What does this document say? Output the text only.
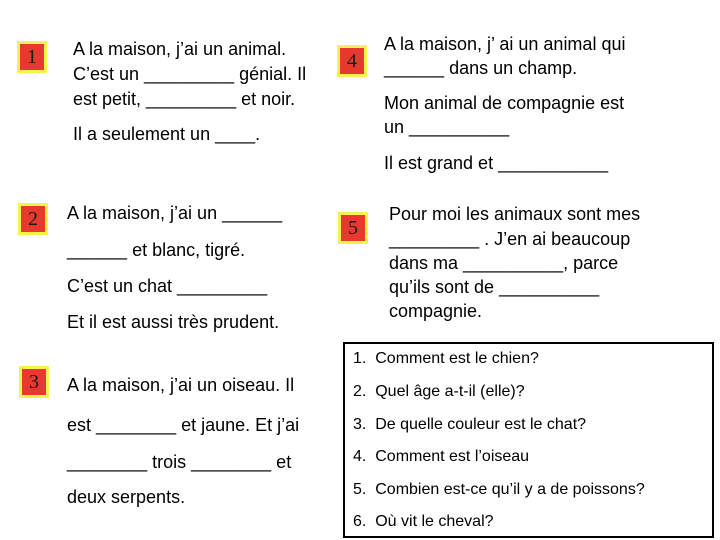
1
2
3
4
5
A la maison, j’ai un animal.
C’est un _________ génial. Il
est petit, _________ et noir.
Il a seulement un ____.
A la maison, j’ai un ______
______ et blanc, tigré.
C’est un chat _________
Et il est aussi très prudent.
A la maison, j’ai un oiseau. Il
est ________ et jaune. Et j’ai
________ trois ________ et
deux serpents.
A la maison, j’ ai un animal qui
______ dans un champ.
Mon animal de compagnie est
un __________
Il est grand et ___________
Pour moi les animaux sont mes
_________ . J’en ai beaucoup
dans ma __________, parce
qu’ils sont de __________
compagnie.
1.  Comment est le chien?
2.  Quel âge a-t-il (elle)?
3.  De quelle couleur est le chat?
4.  Comment est l’oiseau
5.  Combien est-ce qu’il y a de poissons?
6.  Où vit le cheval?
